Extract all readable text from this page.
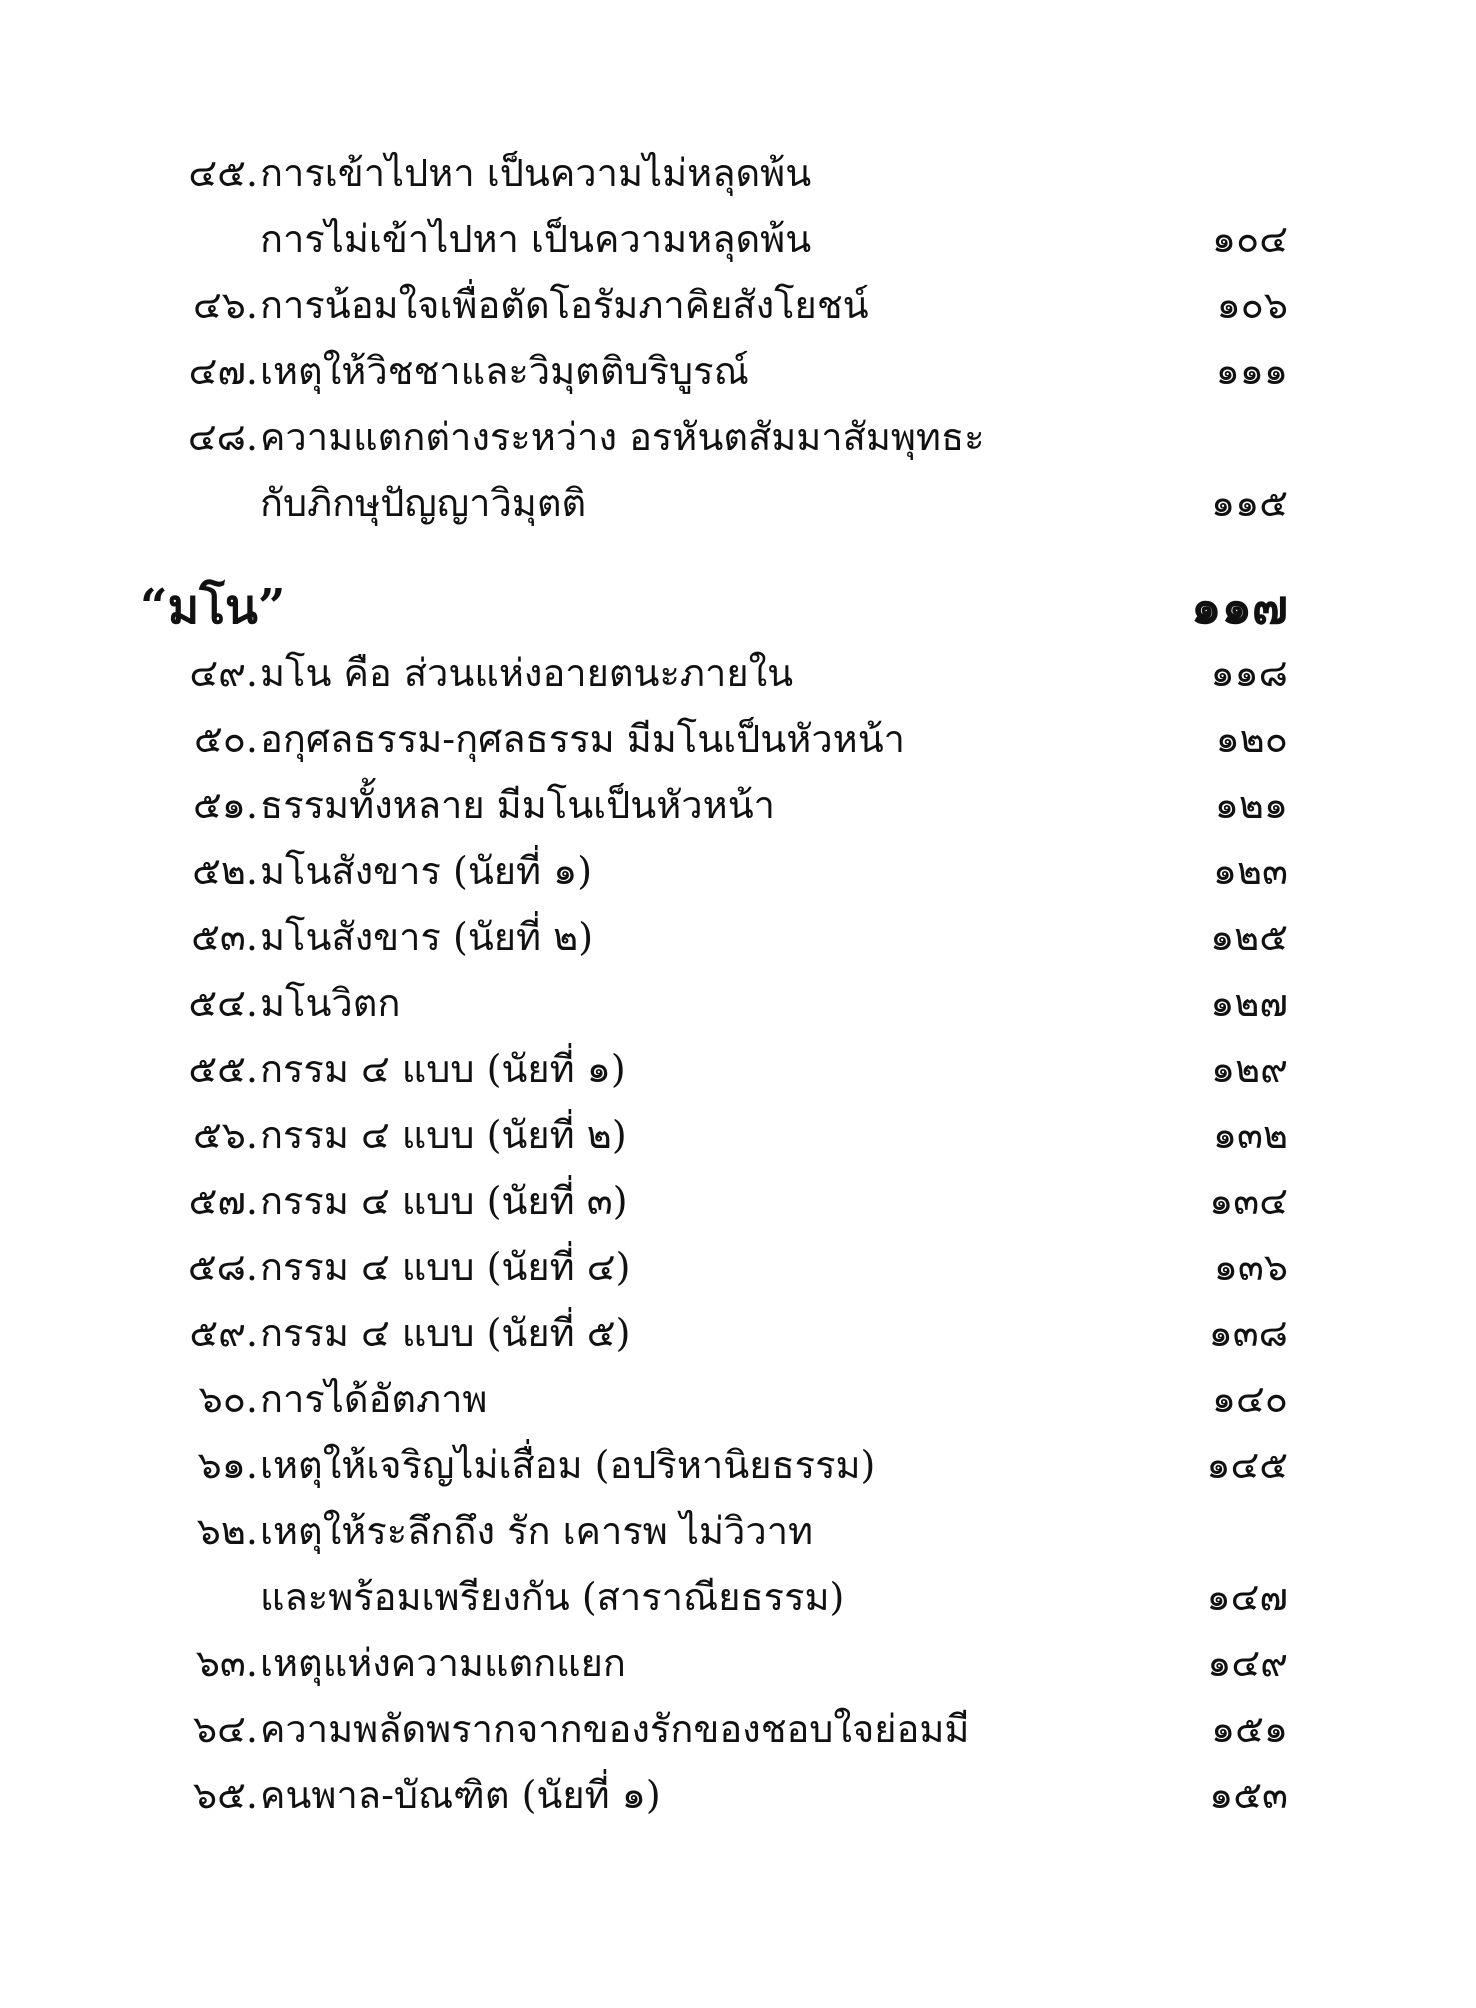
๔๕. การเข้าไปหา เป็นความไม่หลุดพ้น
การไม่เข้าไปหา เป็นความหลุดพ้น	๑๐๔
๔๖. การน้อมใจเพื่อตัดโอรัมภาคิยสังโยชน์	๑๐๖
๔๗. เหตุให้วิชชาและวิมุตติบริบูรณ์	๑๑๑
๔๘. ความแตกต่างระหว่าง อรหันตสัมมาสัมพุทธะ
กับภิกษุปัญญาวิมุตติ	๑๑๕
“มโน”	๑๑๗
๔๙. มโน คือ ส่วนแห่งอายตนะภายใน	๑๑๘
๕๐. อกุศลธรรม-กุศลธรรม มีมโนเป็นหัวหน้า	๑๒๐
๕๑. ธรรมทั้งหลาย มีมโนเป็นหัวหน้า	๑๒๑
๕๒. มโนสังขาร (นัยที่ ๑)	๑๒๓
๕๓. มโนสังขาร (นัยที่ ๒)	๑๒๕
๕๔. มโนวิตก	๑๒๗
๕๕. กรรม ๔ แบบ (นัยที่ ๑)	๑๒๙
๕๖. กรรม ๔ แบบ (นัยที่ ๒)	๑๓๒
๕๗. กรรม ๔ แบบ (นัยที่ ๓)	๑๓๔
๕๘. กรรม ๔ แบบ (นัยที่ ๔)	๑๓๖
๕๙. กรรม ๔ แบบ (นัยที่ ๕)	๑๓๘
๖๐. การได้อัตภาพ	๑๔๐
๖๑. เหตุให้เจริญไม่เสื่อม (อปริหานิยธรรม)	๑๔๕
๖๒. เหตุให้ระลึกถึง รัก เคารพ ไม่วิวาท
และพร้อมเพรียงกัน (สาราณียธรรม)	๑๔๗
๖๓. เหตุแห่งความแตกแยก	๑๔๙
๖๔. ความพลัดพรากจากของรักของชอบใจย่อมมี	๑๕๑
๖๕. คนพาล-บัณฑิต (นัยที่ ๑)	๑๕๓
